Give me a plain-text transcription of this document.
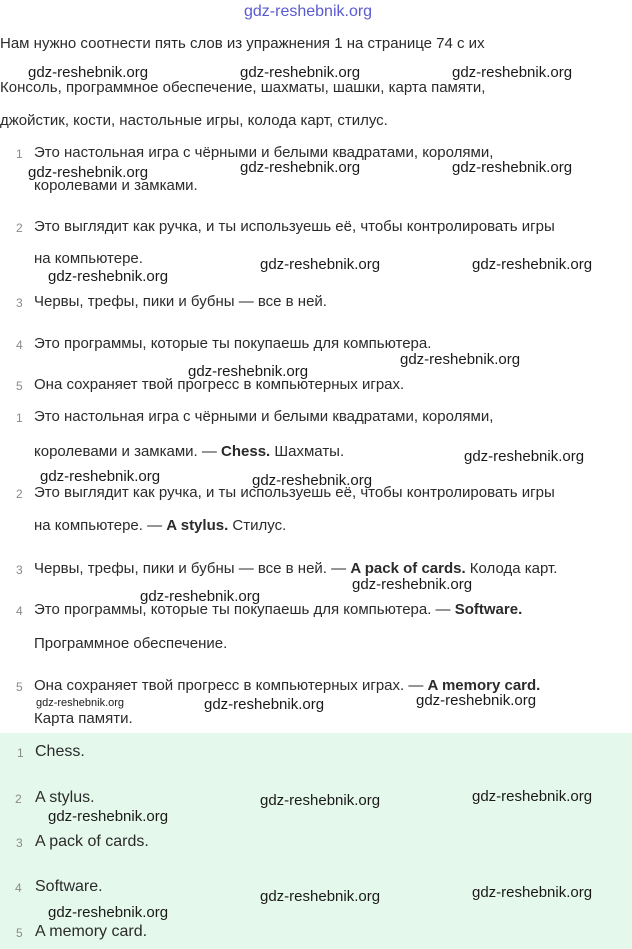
gdz-reshebnik.org
Нам нужно соотнести пять слов из упражнения 1 на странице 74 с их
Консоль, программное обеспечение, шахматы, шашки, карта памяти,
джойстик, кости, настольные игры, колода карт, стилус.
1 Это настольная игра с чёрными и белыми квадратами, королями,
королевами и замками.
2 Это выглядит как ручка, и ты используешь её, чтобы контролировать игры
на компьютере.
3 Червы, трефы, пики и бубны — все в ней.
4 Это программы, которые ты покупаешь для компьютера.
5 Она сохраняет твой прогресс в компьютерных играх.
1 Это настольная игра с чёрными и белыми квадратами, королями,
королевами и замками. — Chess. Шахматы.
2 Это выглядит как ручка, и ты используешь её, чтобы контролировать игры
на компьютере. — A stylus. Стилус.
3 Червы, трефы, пики и бубны — все в ней. — A pack of cards. Колода карт.
4 Это программы, которые ты покупаешь для компьютера. — Software.
Программное обеспечение.
5 Она сохраняет твой прогресс в компьютерных играх. — A memory card.
Карта памяти.
1 Chess.
2 A stylus.
3 A pack of cards.
4 Software.
5 A memory card.
gdz-reshebnik.org	gdz-reshebnik.org	gdz-reshebnik.org
gdz-reshebnik.org	gdz-reshebnik.org	gdz-reshebnik.org
gdz-reshebnik.org
gdz-reshebnik.org	gdz-reshebnik.org
gdz-reshebnik.org
gdz-reshebnik.org
gdz-reshebnik.org	gdz-reshebnik.org
gdz-reshebnik.org
gdz-reshebnik.org
gdz-reshebnik.org
gdz-reshebnik.org	gdz-reshebnik.org	gdz-reshebnik.org
gdz-reshebnik.org
gdz-reshebnik.org	gdz-reshebnik.org
gdz-reshebnik.org
gdz-reshebnik.org	gdz-reshebnik.org
